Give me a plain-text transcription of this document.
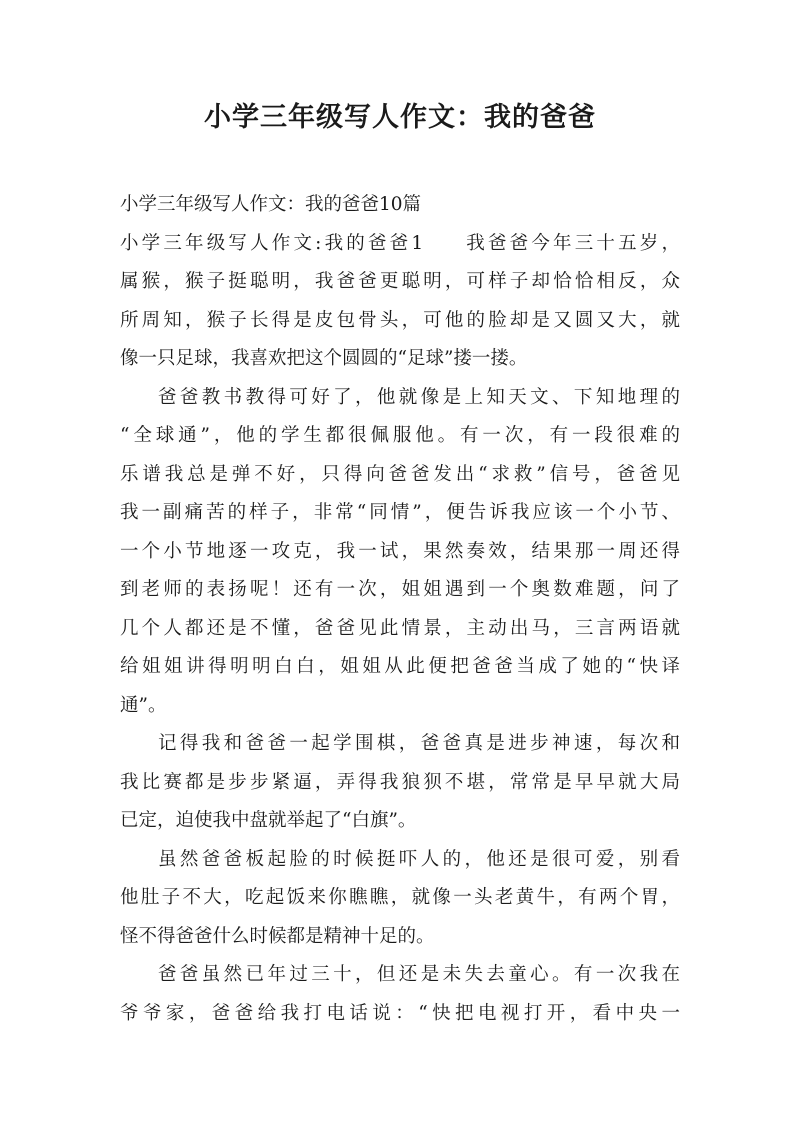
小学三年级写人作文：我的爸爸
小学三年级写人作文：我的爸爸10篇
小学三年级写人作文:我的爸爸1 我爸爸今年三十五岁，
属猴，猴子挺聪明，我爸爸更聪明，可样子却恰恰相反，众
所周知，猴子长得是皮包骨头，可他的脸却是又圆又大，就
像一只足球，我喜欢把这个圆圆的“足球”搂一搂。
爸爸教书教得可好了，他就像是上知天文、下知地理的
“全球通”，他的学生都很佩服他。有一次，有一段很难的
乐谱我总是弹不好，只得向爸爸发出“求救”信号，爸爸见
我一副痛苦的样子，非常“同情”，便告诉我应该一个小节、
一个小节地逐一攻克，我一试，果然奏效，结果那一周还得
到老师的表扬呢！还有一次，姐姐遇到一个奥数难题，问了
几个人都还是不懂，爸爸见此情景，主动出马，三言两语就
给姐姐讲得明明白白，姐姐从此便把爸爸当成了她的“快译
通”。
记得我和爸爸一起学围棋，爸爸真是进步神速，每次和
我比赛都是步步紧逼，弄得我狼狈不堪，常常是早早就大局
已定，迫使我中盘就举起了“白旗”。
虽然爸爸板起脸的时候挺吓人的，他还是很可爱，别看
他肚子不大，吃起饭来你瞧瞧，就像一头老黄牛，有两个胃，
怪不得爸爸什么时候都是精神十足的。
爸爸虽然已年过三十，但还是未失去童心。有一次我在
爷爷家，爸爸给我打电话说：“快把电视打开，看中央一
